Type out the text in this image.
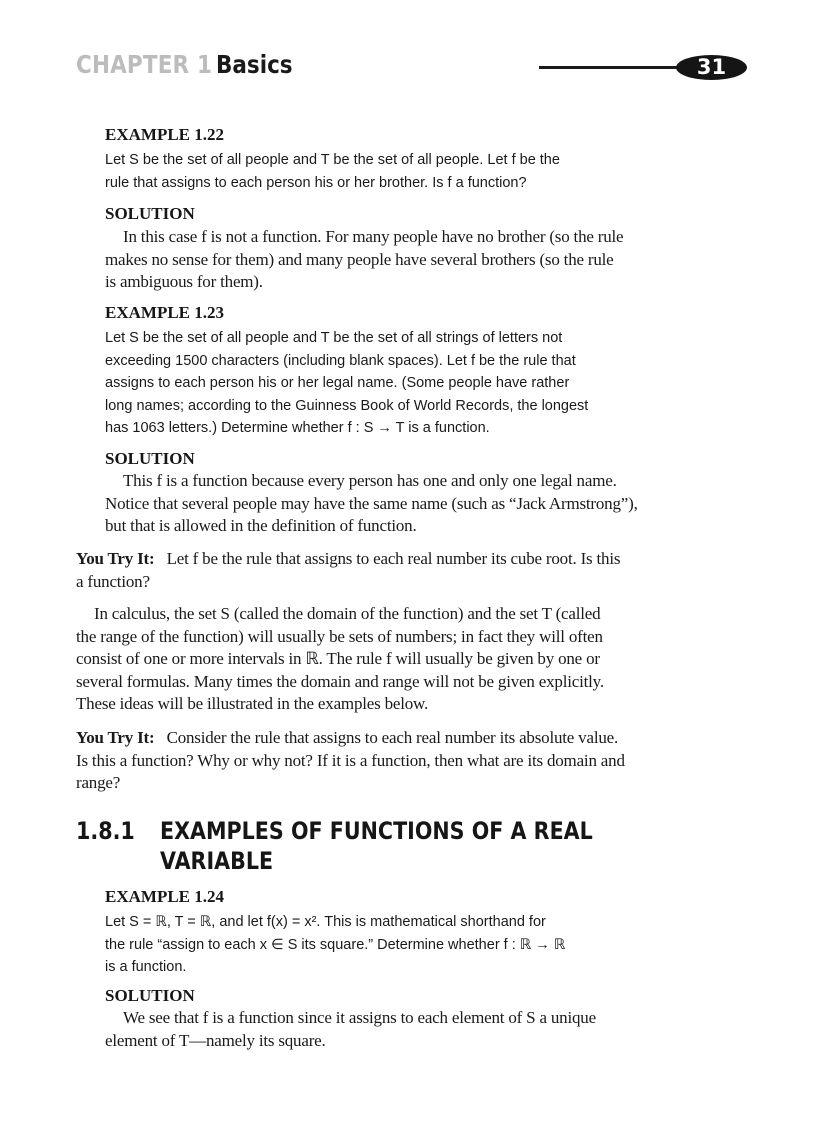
CHAPTER 1 Basics	31
EXAMPLE 1.22
Let S be the set of all people and T be the set of all people. Let f be the
rule that assigns to each person his or her brother. Is f a function?
SOLUTION
In this case f is not a function. For many people have no brother (so the rule
makes no sense for them) and many people have several brothers (so the rule
is ambiguous for them).
EXAMPLE 1.23
Let S be the set of all people and T be the set of all strings of letters not
exceeding 1500 characters (including blank spaces). Let f be the rule that
assigns to each person his or her legal name. (Some people have rather
long names; according to the Guinness Book of World Records, the longest
has 1063 letters.) Determine whether f : S → T is a function.
SOLUTION
This f is a function because every person has one and only one legal name.
Notice that several people may have the same name (such as “Jack Armstrong”),
but that is allowed in the definition of function.
You Try It: Let f be the rule that assigns to each real number its cube root. Is this
a function?
In calculus, the set S (called the domain of the function) and the set T (called
the range of the function) will usually be sets of numbers; in fact they will often
consist of one or more intervals in ℝ. The rule f will usually be given by one or
several formulas. Many times the domain and range will not be given explicitly.
These ideas will be illustrated in the examples below.
You Try It: Consider the rule that assigns to each real number its absolute value.
Is this a function? Why or why not? If it is a function, then what are its domain and
range?
1.8.1 EXAMPLES OF FUNCTIONS OF A REAL
VARIABLE
EXAMPLE 1.24
Let S = ℝ, T = ℝ, and let f(x) = x². This is mathematical shorthand for
the rule “assign to each x ∈ S its square.” Determine whether f : ℝ → ℝ
is a function.
SOLUTION
We see that f is a function since it assigns to each element of S a unique
element of T—namely its square.
